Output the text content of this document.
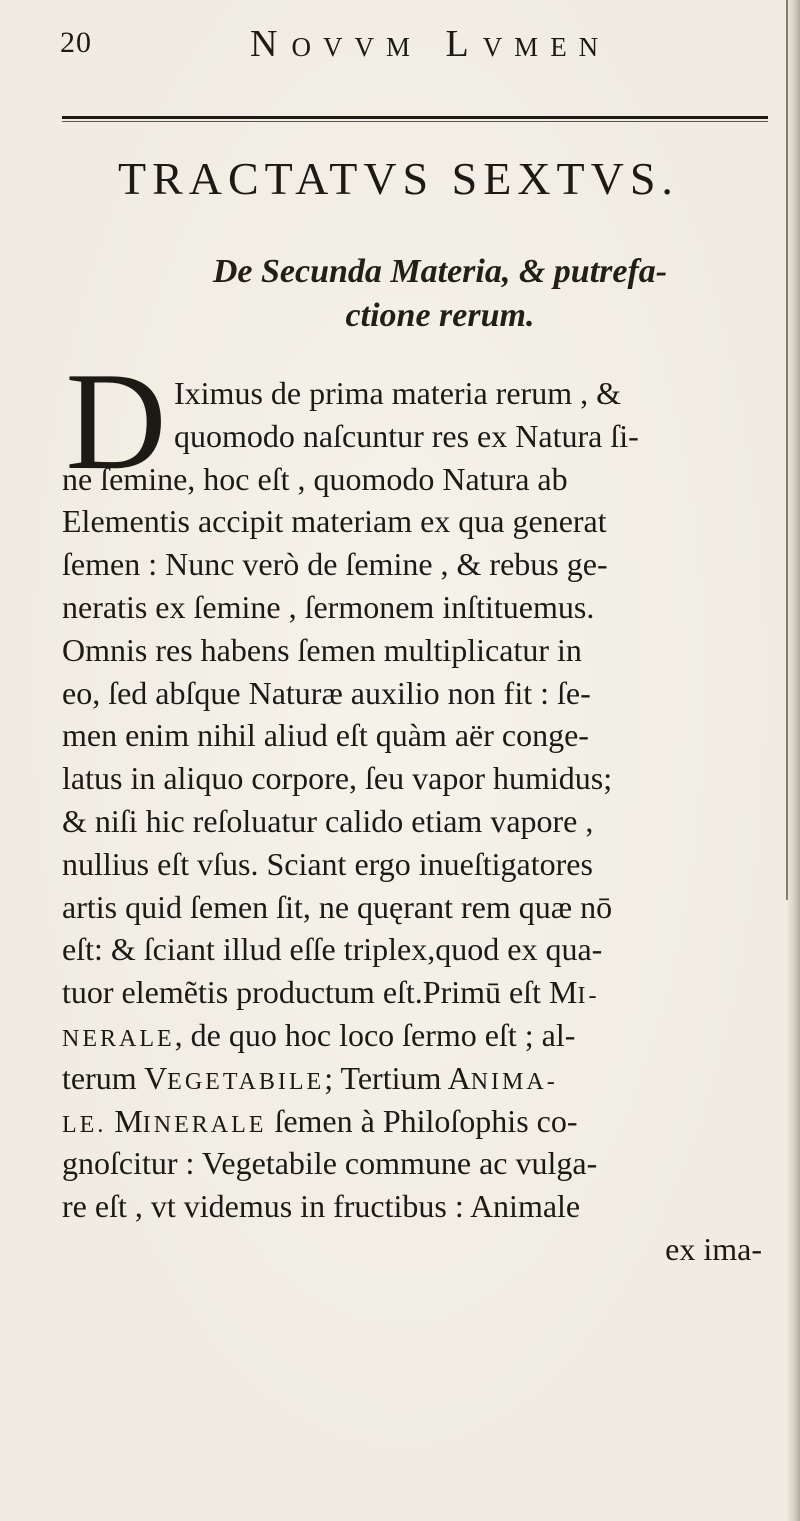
20	NOVVM LVMEN
TRACTATVS SEXTVS.
De Secunda Materia, & putrefa-
ctione rerum.
D Iximus de prima materia rerum , &
quomodo naſcuntur res ex Natura ſi-
ne ſemine, hoc eſt , quomodo Natura ab
Elementis accipit materiam ex qua generat
ſemen : Nunc verò de ſemine , & rebus ge-
neratis ex ſemine , ſermonem inſtituemus.
Omnis res habens ſemen multiplicatur in
eo, ſed abſque Naturæ auxilio non fit : ſe-
men enim nihil aliud eſt quàm aër conge-
latus in aliquo corpore, ſeu vapor humidus;
& niſi hic reſoluatur calido etiam vapore ,
nullius eſt vſus. Sciant ergo inueſtigatores
artis quid ſemen ſit, ne quęrant rem quæ nō
eſt: & ſciant illud eſſe triplex,quod ex qua-
tuor elemẽtis productum eſt.Primū eſt MI-
NERALE, de quo hoc loco ſermo eſt ; al-
terum VEGETABILE; Tertium ANIMA-
LE. MINERALE ſemen à Philoſophis co-
gnoſcitur : Vegetabile commune ac vulga-
re eſt , vt videmus in fructibus : Animale
ex ima-
